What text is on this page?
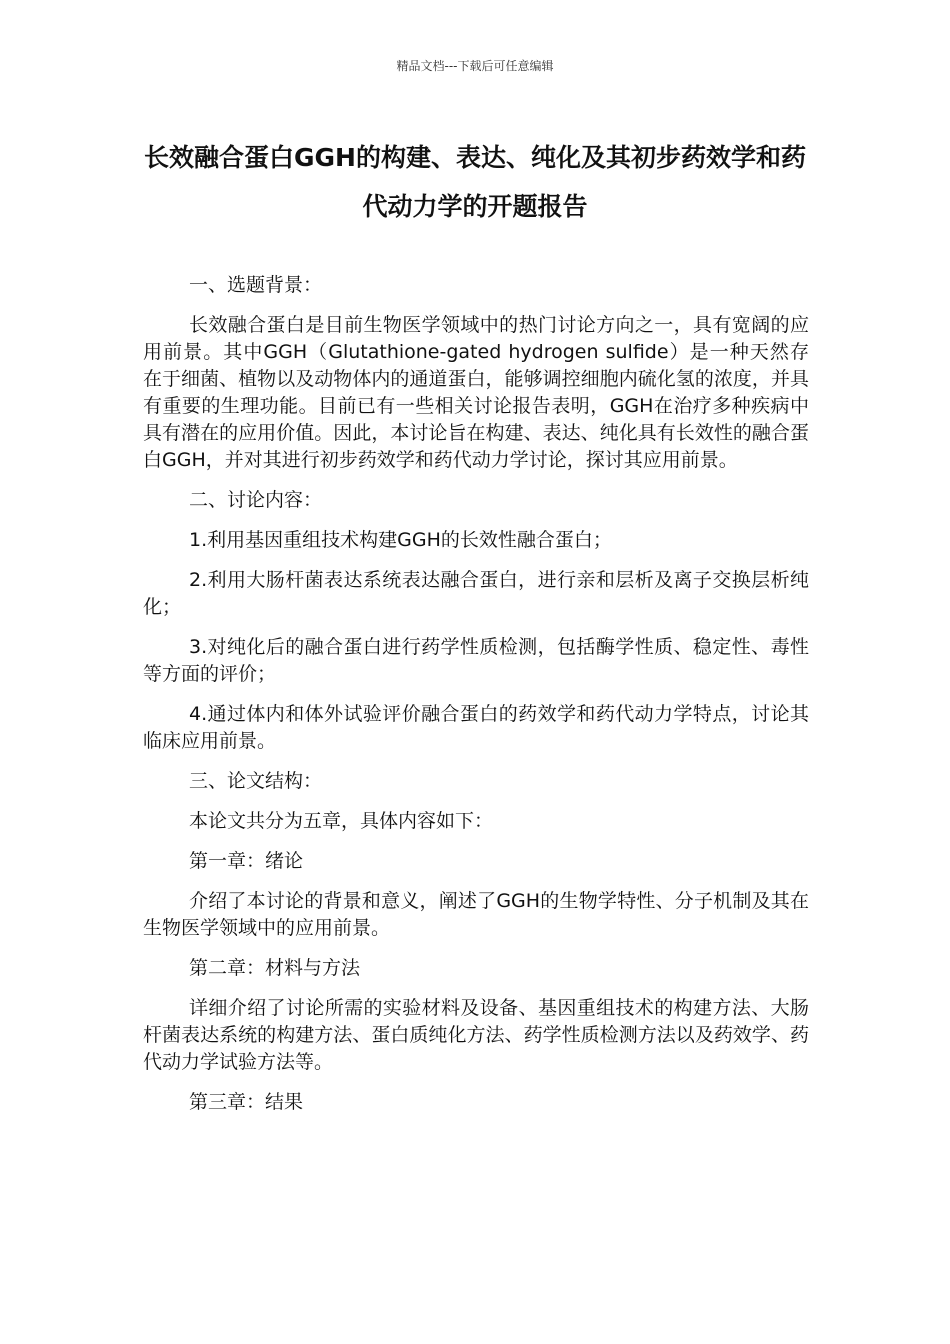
精品文档---下载后可任意编辑
长效融合蛋白GGH的构建、表达、纯化及其初步药效学和药代动力学的开题报告

一、选题背景：

长效融合蛋白是目前生物医学领域中的热门讨论方向之一，具有宽阔的应用前景。其中GGH（Glutathione-gated hydrogen sulfide）是一种天然存在于细菌、植物以及动物体内的通道蛋白，能够调控细胞内硫化氢的浓度，并具有重要的生理功能。目前已有一些相关讨论报告表明，GGH在治疗多种疾病中具有潜在的应用价值。因此，本讨论旨在构建、表达、纯化具有长效性的融合蛋白GGH，并对其进行初步药效学和药代动力学讨论，探讨其应用前景。

二、讨论内容：

1.利用基因重组技术构建GGH的长效性融合蛋白；

2.利用大肠杆菌表达系统表达融合蛋白，进行亲和层析及离子交换层析纯化；

3.对纯化后的融合蛋白进行药学性质检测，包括酶学性质、稳定性、毒性等方面的评价；

4.通过体内和体外试验评价融合蛋白的药效学和药代动力学特点，讨论其临床应用前景。

三、论文结构：

本论文共分为五章，具体内容如下：

第一章：绪论

介绍了本讨论的背景和意义，阐述了GGH的生物学特性、分子机制及其在生物医学领域中的应用前景。

第二章：材料与方法

详细介绍了讨论所需的实验材料及设备、基因重组技术的构建方法、大肠杆菌表达系统的构建方法、蛋白质纯化方法、药学性质检测方法以及药效学、药代动力学试验方法等。

第三章：结果
